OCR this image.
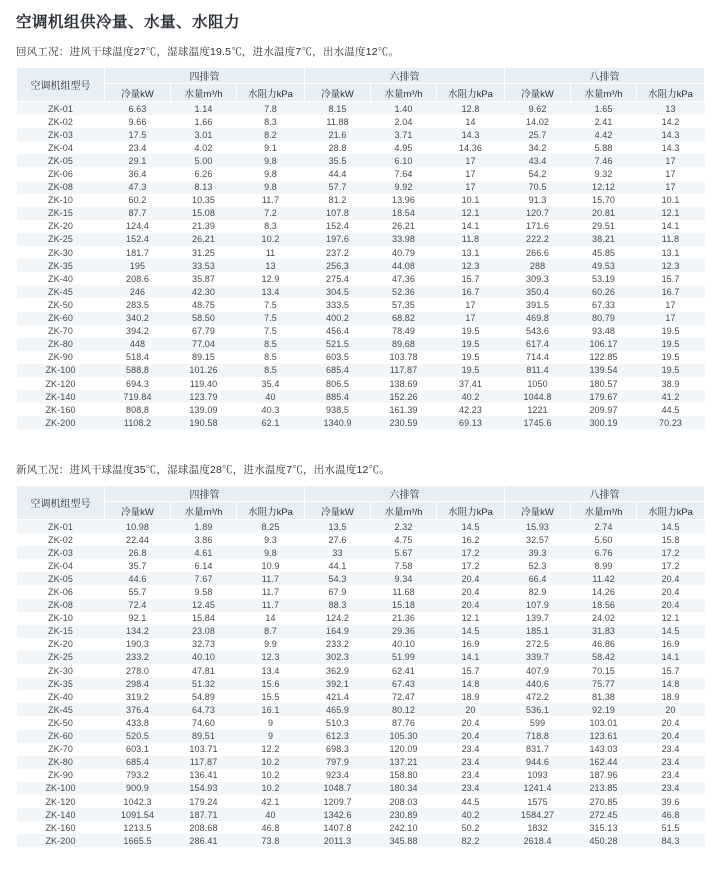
空调机组供冷量、水量、水阻力
回风工况：进风干球温度27℃，湿球温度19.5℃，进水温度7℃，出水温度12℃。
空调机组型号	四排管			六排管			八排管		
	冷量kW	水量m³/h	水阻力kPa	冷量kW	水量m³/h	水阻力kPa	冷量kW	水量m³/h	水阻力kPa
ZK-01	6.63	1.14	7.8	8.15	1.40	12.8	9.62	1.65	13
ZK-02	9.66	1.66	8.3	11.88	2.04	14	14.02	2.41	14.2
ZK-03	17.5	3.01	8.2	21.6	3.71	14.3	25.7	4.42	14.3
ZK-04	23.4	4.02	9.1	28.8	4.95	14.36	34.2	5.88	14.3
ZK-05	29.1	5.00	9.8	35.5	6.10	17	43.4	7.46	17
ZK-06	36.4	6.26	9.8	44.4	7.64	17	54.2	9.32	17
ZK-08	47.3	8.13	9.8	57.7	9.92	17	70.5	12.12	17
ZK-10	60.2	10.35	11.7	81.2	13.96	10.1	91.3	15.70	10.1
ZK-15	87.7	15.08	7.2	107.8	18.54	12.1	120.7	20.81	12.1
ZK-20	124.4	21.39	8.3	152.4	26.21	14.1	171.6	29.51	14.1
ZK-25	152.4	26.21	10.2	197.6	33.98	11.8	222.2	38.21	11.8
ZK-30	181.7	31.25	11	237.2	40.79	13.1	266.6	45.85	13.1
ZK-35	195	33.53	13	256.3	44.08	12.3	288	49.53	12.3
ZK-40	208.6	35.87	12.9	275.4	47.36	15.7	309.3	53.19	15.7
ZK-45	246	42.30	13.4	304.5	52.36	16.7	350.4	60.26	16.7
ZK-50	283.5	48.75	7.5	333.5	57.35	17	391.5	67.33	17
ZK-60	340.2	58.50	7.5	400.2	68.82	17	469.8	80.79	17
ZK-70	394.2	67.79	7.5	456.4	78.49	19.5	543.6	93.48	19.5
ZK-80	448	77.04	8.5	521.5	89.68	19.5	617.4	106.17	19.5
ZK-90	518.4	89.15	8.5	603.5	103.78	19.5	714.4	122.85	19.5
ZK-100	588.8	101.26	8.5	685.4	117.87	19.5	811.4	139.54	19.5
ZK-120	694.3	119.40	35.4	806.5	138.69	37.41	1050	180.57	38.9
ZK-140	719.84	123.79	40	885.4	152.26	40.2	1044.8	179.67	41.2
ZK-160	808.8	139.09	40.3	938.5	161.39	42.23	1221	209.97	44.5
ZK-200	1108.2	190.58	62.1	1340.9	230.59	69.13	1745.6	300.19	70.23
新风工况：进风干球温度35℃，湿球温度28℃，进水温度7℃，出水温度12℃。
空调机组型号	四排管			六排管			八排管		
	冷量kW	水量m³/h	水阻力kPa	冷量kW	水量m³/h	水阻力kPa	冷量kW	水量m³/h	水阻力kPa
ZK-01	10.98	1.89	8.25	13.5	2.32	14.5	15.93	2.74	14.5
ZK-02	22.44	3.86	9.3	27.6	4.75	16.2	32.57	5.60	15.8
ZK-03	26.8	4.61	9.8	33	5.67	17.2	39.3	6.76	17.2
ZK-04	35.7	6.14	10.9	44.1	7.58	17.2	52.3	8.99	17.2
ZK-05	44.6	7.67	11.7	54.3	9.34	20.4	66.4	11.42	20.4
ZK-06	55.7	9.58	11.7	67.9	11.68	20.4	82.9	14.26	20.4
ZK-08	72.4	12.45	11.7	88.3	15.18	20.4	107.9	18.56	20.4
ZK-10	92.1	15.84	14	124.2	21.36	12.1	139.7	24.02	12.1
ZK-15	134.2	23.08	8.7	164.9	29.36	14.5	185.1	31.83	14.5
ZK-20	190.3	32.73	9.9	233.2	40.10	16.9	272.5	46.86	16.9
ZK-25	233.2	40.10	12.3	302.3	51.99	14.1	339.7	58.42	14.1
ZK-30	278.0	47.81	13.4	362.9	62.41	15.7	407.9	70.15	15.7
ZK-35	298.4	51.32	15.6	392.1	67.43	14.8	440.6	75.77	14.8
ZK-40	319.2	54.89	15.5	421.4	72.47	18.9	472.2	81.38	18.9
ZK-45	376.4	64.73	16.1	465.9	80.12	20	536.1	92.19	20
ZK-50	433.8	74.60	9	510.3	87.76	20.4	599	103.01	20.4
ZK-60	520.5	89.51	9	612.3	105.30	20.4	718.8	123.61	20.4
ZK-70	603.1	103.71	12.2	698.3	120.09	23.4	831.7	143.03	23.4
ZK-80	685.4	117.87	10.2	797.9	137.21	23.4	944.6	162.44	23.4
ZK-90	793.2	136.41	10.2	923.4	158.80	23.4	1093	187.96	23.4
ZK-100	900.9	154.93	10.2	1048.7	180.34	23.4	1241.4	213.85	23.4
ZK-120	1042.3	179.24	42.1	1209.7	208.03	44.5	1575	270.85	39.6
ZK-140	1091.54	187.71	40	1342.6	230.89	40.2	1584.27	272.45	46.8
ZK-160	1213.5	208.68	46.8	1407.8	242.10	50.2	1832	315.13	51.5
ZK-200	1665.5	286.41	73.8	2011.3	345.88	82.2	2618.4	450.28	84.3
